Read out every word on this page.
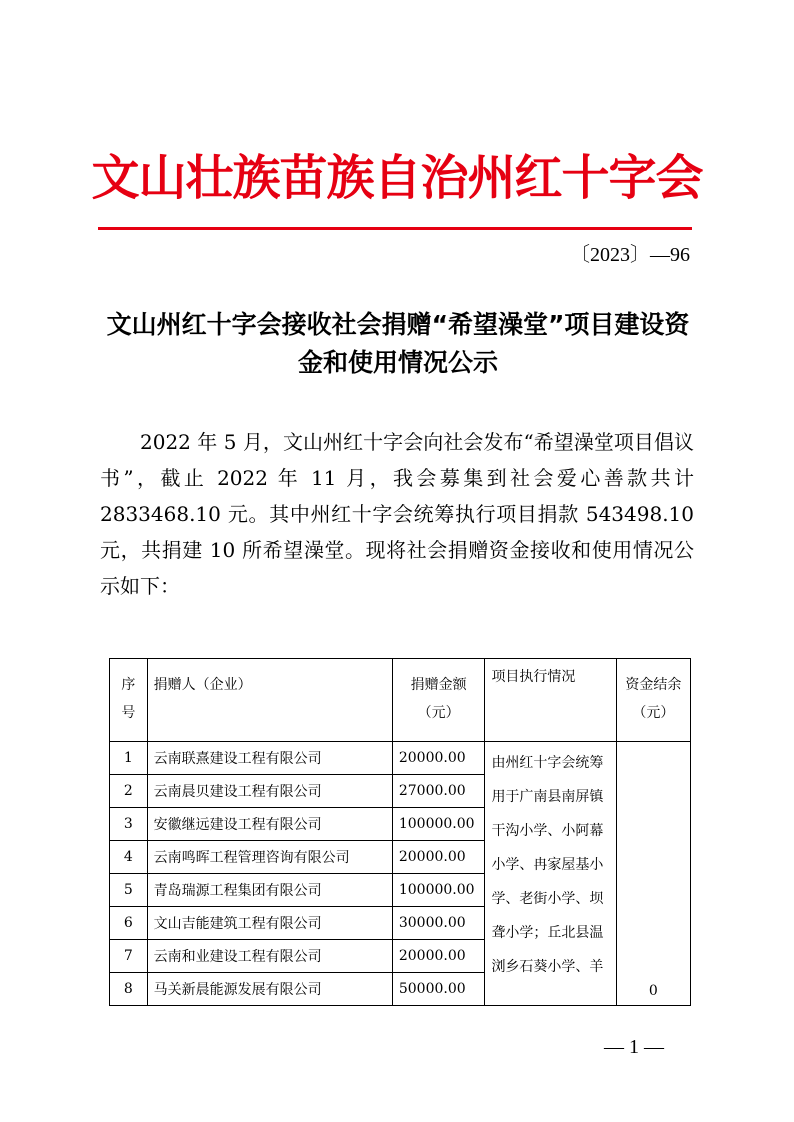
文山壮族苗族自治州红十字会
〔2023〕—96
文山州红十字会接收社会捐赠“希望澡堂”项目建设资金和使用情况公示

2022 年 5 月，文山州红十字会向社会发布“希望澡堂项目倡议书”，截止 2022 年 11 月，我会募集到社会爱心善款共计 2833468.10 元。其中州红十字会统筹执行项目捐款 543498.10 元，共捐建 10 所希望澡堂。现将社会捐赠资金接收和使用情况公示如下：

序号	捐赠人（企业）	捐赠金额（元）	项目执行情况	资金结余（元）
1	云南联熹建设工程有限公司	20000.00	由州红十字会统筹用于广南县南屏镇干沟小学、小阿幕小学、冉家屋基小学、老街小学、坝聋小学；丘北县温浏乡石葵小学、羊	0
2	云南晨贝建设工程有限公司	27000.00		
3	安徽继远建设工程有限公司	100000.00		
4	云南鸣晖工程管理咨询有限公司	20000.00		
5	青岛瑞源工程集团有限公司	100000.00		
6	文山吉能建筑工程有限公司	30000.00		
7	云南和业建设工程有限公司	20000.00		
8	马关新晨能源发展有限公司	50000.00		
— 1 —
